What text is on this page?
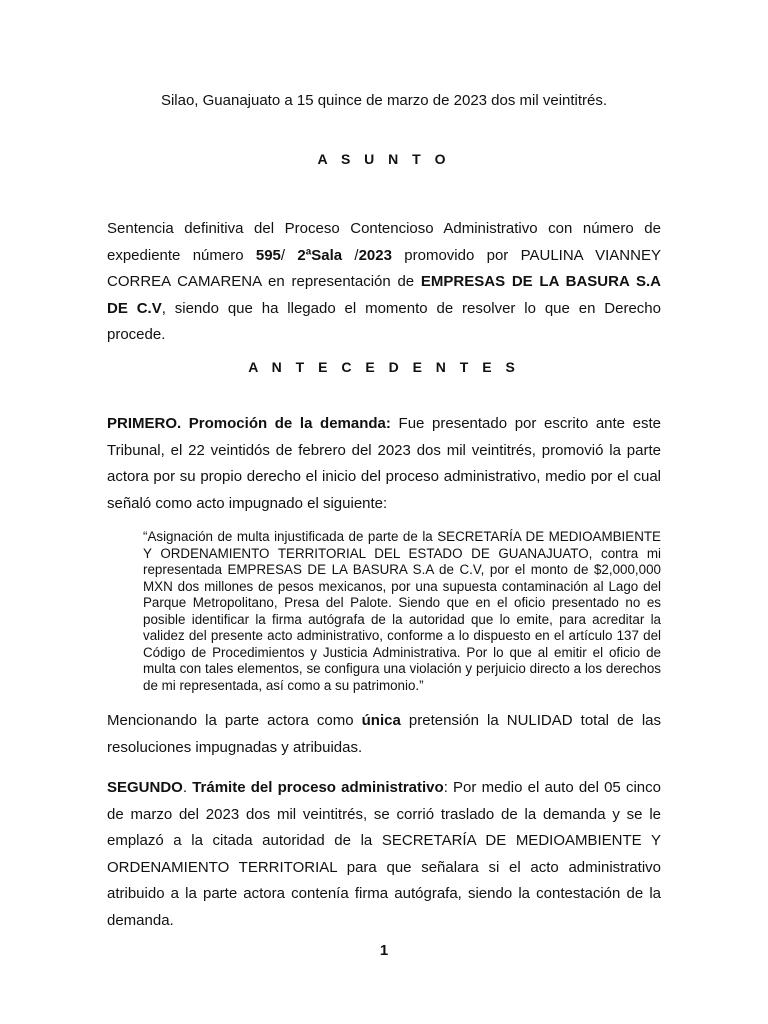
Silao, Guanajuato a 15 quince de marzo de 2023 dos mil veintitrés.
A S U N T O

Sentencia definitiva del Proceso Contencioso Administrativo con número de expediente número 595/ 2ªSala /2023 promovido por PAULINA VIANNEY CORREA CAMARENA en representación de EMPRESAS DE LA BASURA S.A DE C.V, siendo que ha llegado el momento de resolver lo que en Derecho procede.

A N T E C E D E N T E S

PRIMERO. Promoción de la demanda: Fue presentado por escrito ante este Tribunal, el 22 veintidós de febrero del 2023 dos mil veintitrés, promovió la parte actora por su propio derecho el inicio del proceso administrativo, medio por el cual señaló como acto impugnado el siguiente:

“Asignación de multa injustificada de parte de la SECRETARÍA DE MEDIOAMBIENTE Y ORDENAMIENTO TERRITORIAL DEL ESTADO DE GUANAJUATO, contra mi representada EMPRESAS DE LA BASURA S.A de C.V, por el monto de $2,000,000 MXN dos millones de pesos mexicanos, por una supuesta contaminación al Lago del Parque Metropolitano, Presa del Palote. Siendo que en el oficio presentado no es posible identificar la firma autógrafa de la autoridad que lo emite, para acreditar la validez del presente acto administrativo, conforme a lo dispuesto en el artículo 137 del Código de Procedimientos y Justicia Administrativa. Por lo que al emitir el oficio de multa con tales elementos, se configura una violación y perjuicio directo a los derechos de mi representada, así como a su patrimonio.”

Mencionando la parte actora como única pretensión la NULIDAD total de las resoluciones impugnadas y atribuidas.

SEGUNDO. Trámite del proceso administrativo: Por medio el auto del 05 cinco de marzo del 2023 dos mil veintitrés, se corrió traslado de la demanda y se le emplazó a la citada autoridad de la SECRETARÍA DE MEDIOAMBIENTE Y ORDENAMIENTO TERRITORIAL para que señalara si el acto administrativo atribuido a la parte actora contenía firma autógrafa, siendo la contestación de la demanda.

1
